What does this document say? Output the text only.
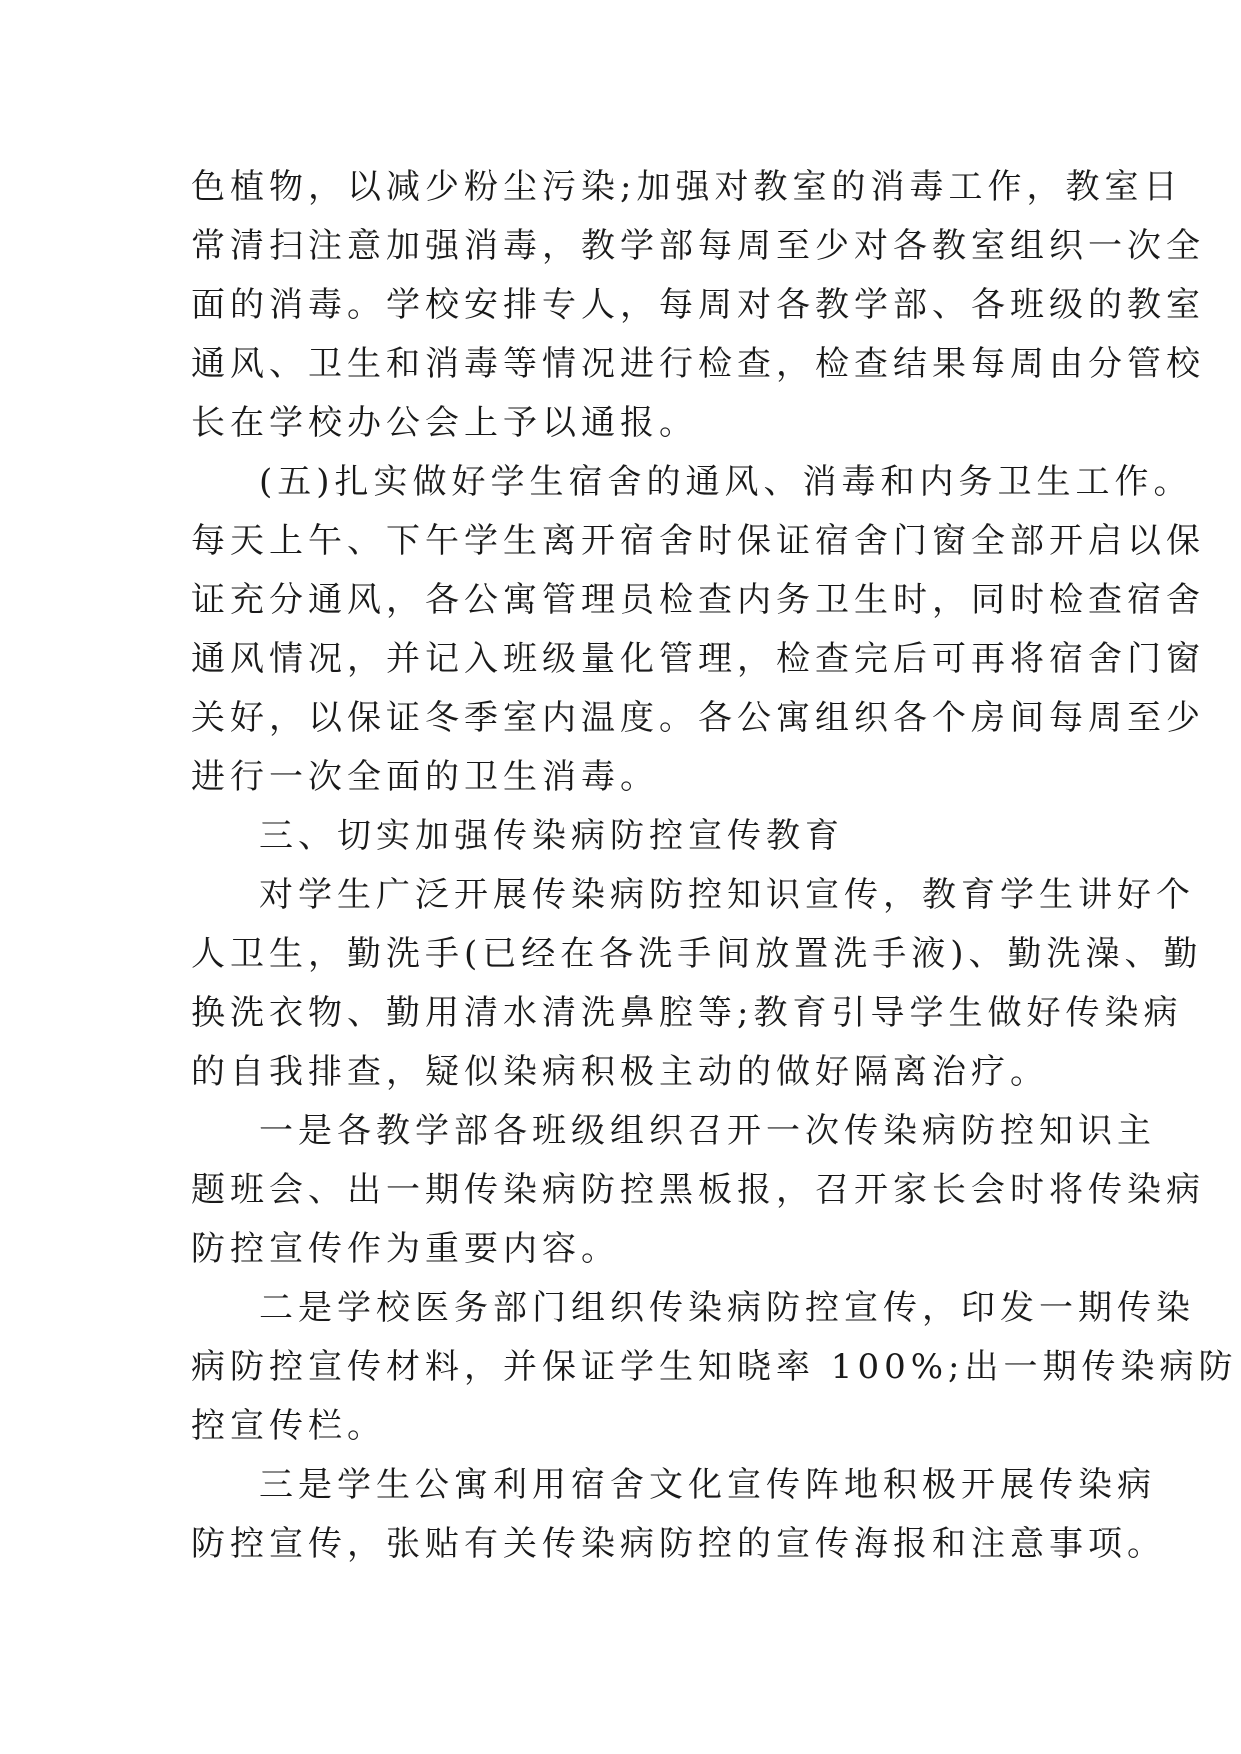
色植物，以减少粉尘污染;加强对教室的消毒工作，教室日
常清扫注意加强消毒，教学部每周至少对各教室组织一次全
面的消毒。学校安排专人，每周对各教学部、各班级的教室
通风、卫生和消毒等情况进行检查，检查结果每周由分管校
长在学校办公会上予以通报。
(五)扎实做好学生宿舍的通风、消毒和内务卫生工作。
每天上午、下午学生离开宿舍时保证宿舍门窗全部开启以保
证充分通风，各公寓管理员检查内务卫生时，同时检查宿舍
通风情况，并记入班级量化管理，检查完后可再将宿舍门窗
关好，以保证冬季室内温度。各公寓组织各个房间每周至少
进行一次全面的卫生消毒。
三、切实加强传染病防控宣传教育
对学生广泛开展传染病防控知识宣传，教育学生讲好个
人卫生，勤洗手(已经在各洗手间放置洗手液)、勤洗澡、勤
换洗衣物、勤用清水清洗鼻腔等;教育引导学生做好传染病
的自我排查，疑似染病积极主动的做好隔离治疗。
一是各教学部各班级组织召开一次传染病防控知识主
题班会、出一期传染病防控黑板报，召开家长会时将传染病
防控宣传作为重要内容。
二是学校医务部门组织传染病防控宣传，印发一期传染
病防控宣传材料，并保证学生知晓率 100%;出一期传染病防
控宣传栏。
三是学生公寓利用宿舍文化宣传阵地积极开展传染病
防控宣传，张贴有关传染病防控的宣传海报和注意事项。
